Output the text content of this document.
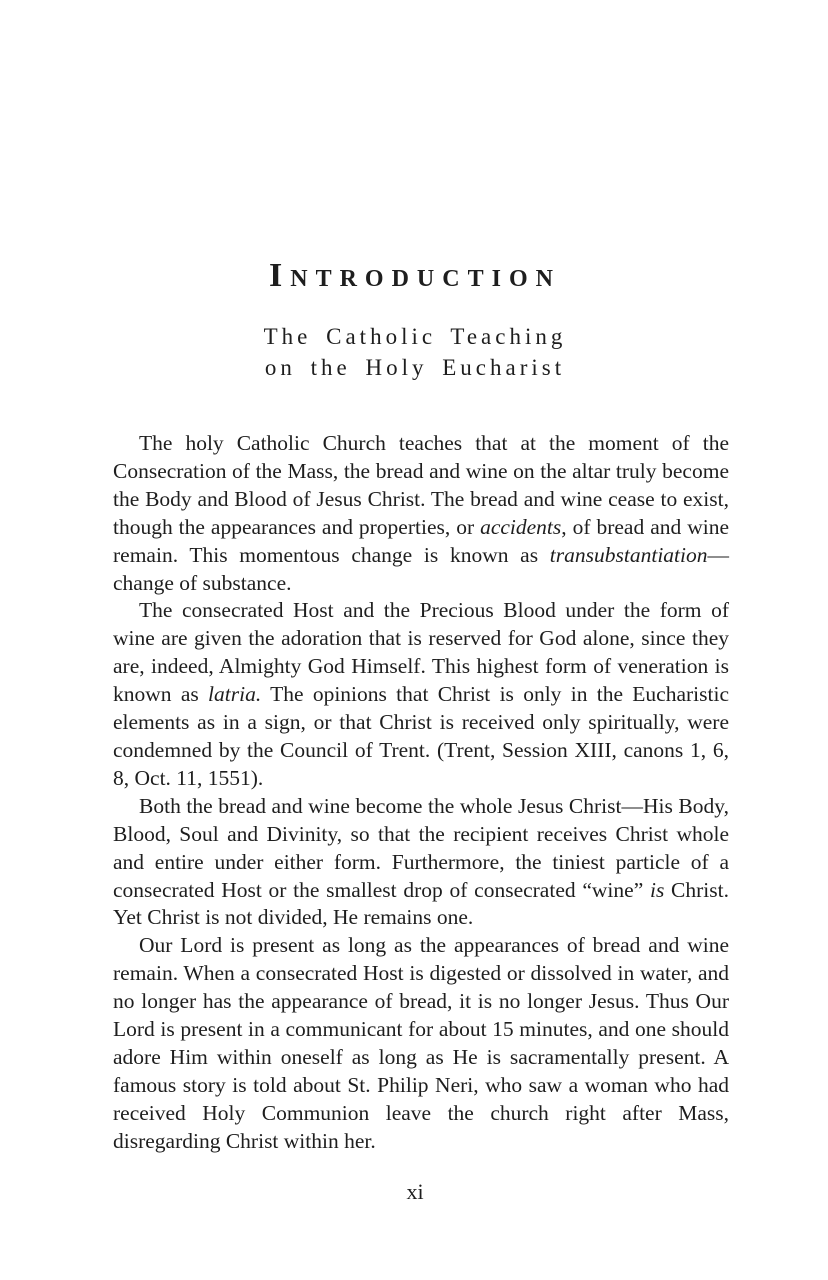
Introduction
The Catholic Teaching
on the Holy Eucharist

The holy Catholic Church teaches that at the moment of the Consecration of the Mass, the bread and wine on the altar truly become the Body and Blood of Jesus Christ. The bread and wine cease to exist, though the appearances and properties, or accidents, of bread and wine remain. This momentous change is known as transubstantiation—change of substance.

The consecrated Host and the Precious Blood under the form of wine are given the adoration that is reserved for God alone, since they are, indeed, Almighty God Himself. This highest form of veneration is known as latria. The opinions that Christ is only in the Eucharistic elements as in a sign, or that Christ is received only spiritually, were condemned by the Council of Trent. (Trent, Session XIII, canons 1, 6, 8, Oct. 11, 1551).

Both the bread and wine become the whole Jesus Christ—His Body, Blood, Soul and Divinity, so that the recipient receives Christ whole and entire under either form. Furthermore, the tiniest particle of a consecrated Host or the smallest drop of consecrated “wine” is Christ. Yet Christ is not divided, He remains one.

Our Lord is present as long as the appearances of bread and wine remain. When a consecrated Host is digested or dissolved in water, and no longer has the appearance of bread, it is no longer Jesus. Thus Our Lord is present in a communicant for about 15 minutes, and one should adore Him within oneself as long as He is sacramentally present. A famous story is told about St. Philip Neri, who saw a woman who had received Holy Communion leave the church right after Mass, disregarding Christ within her.

xi
